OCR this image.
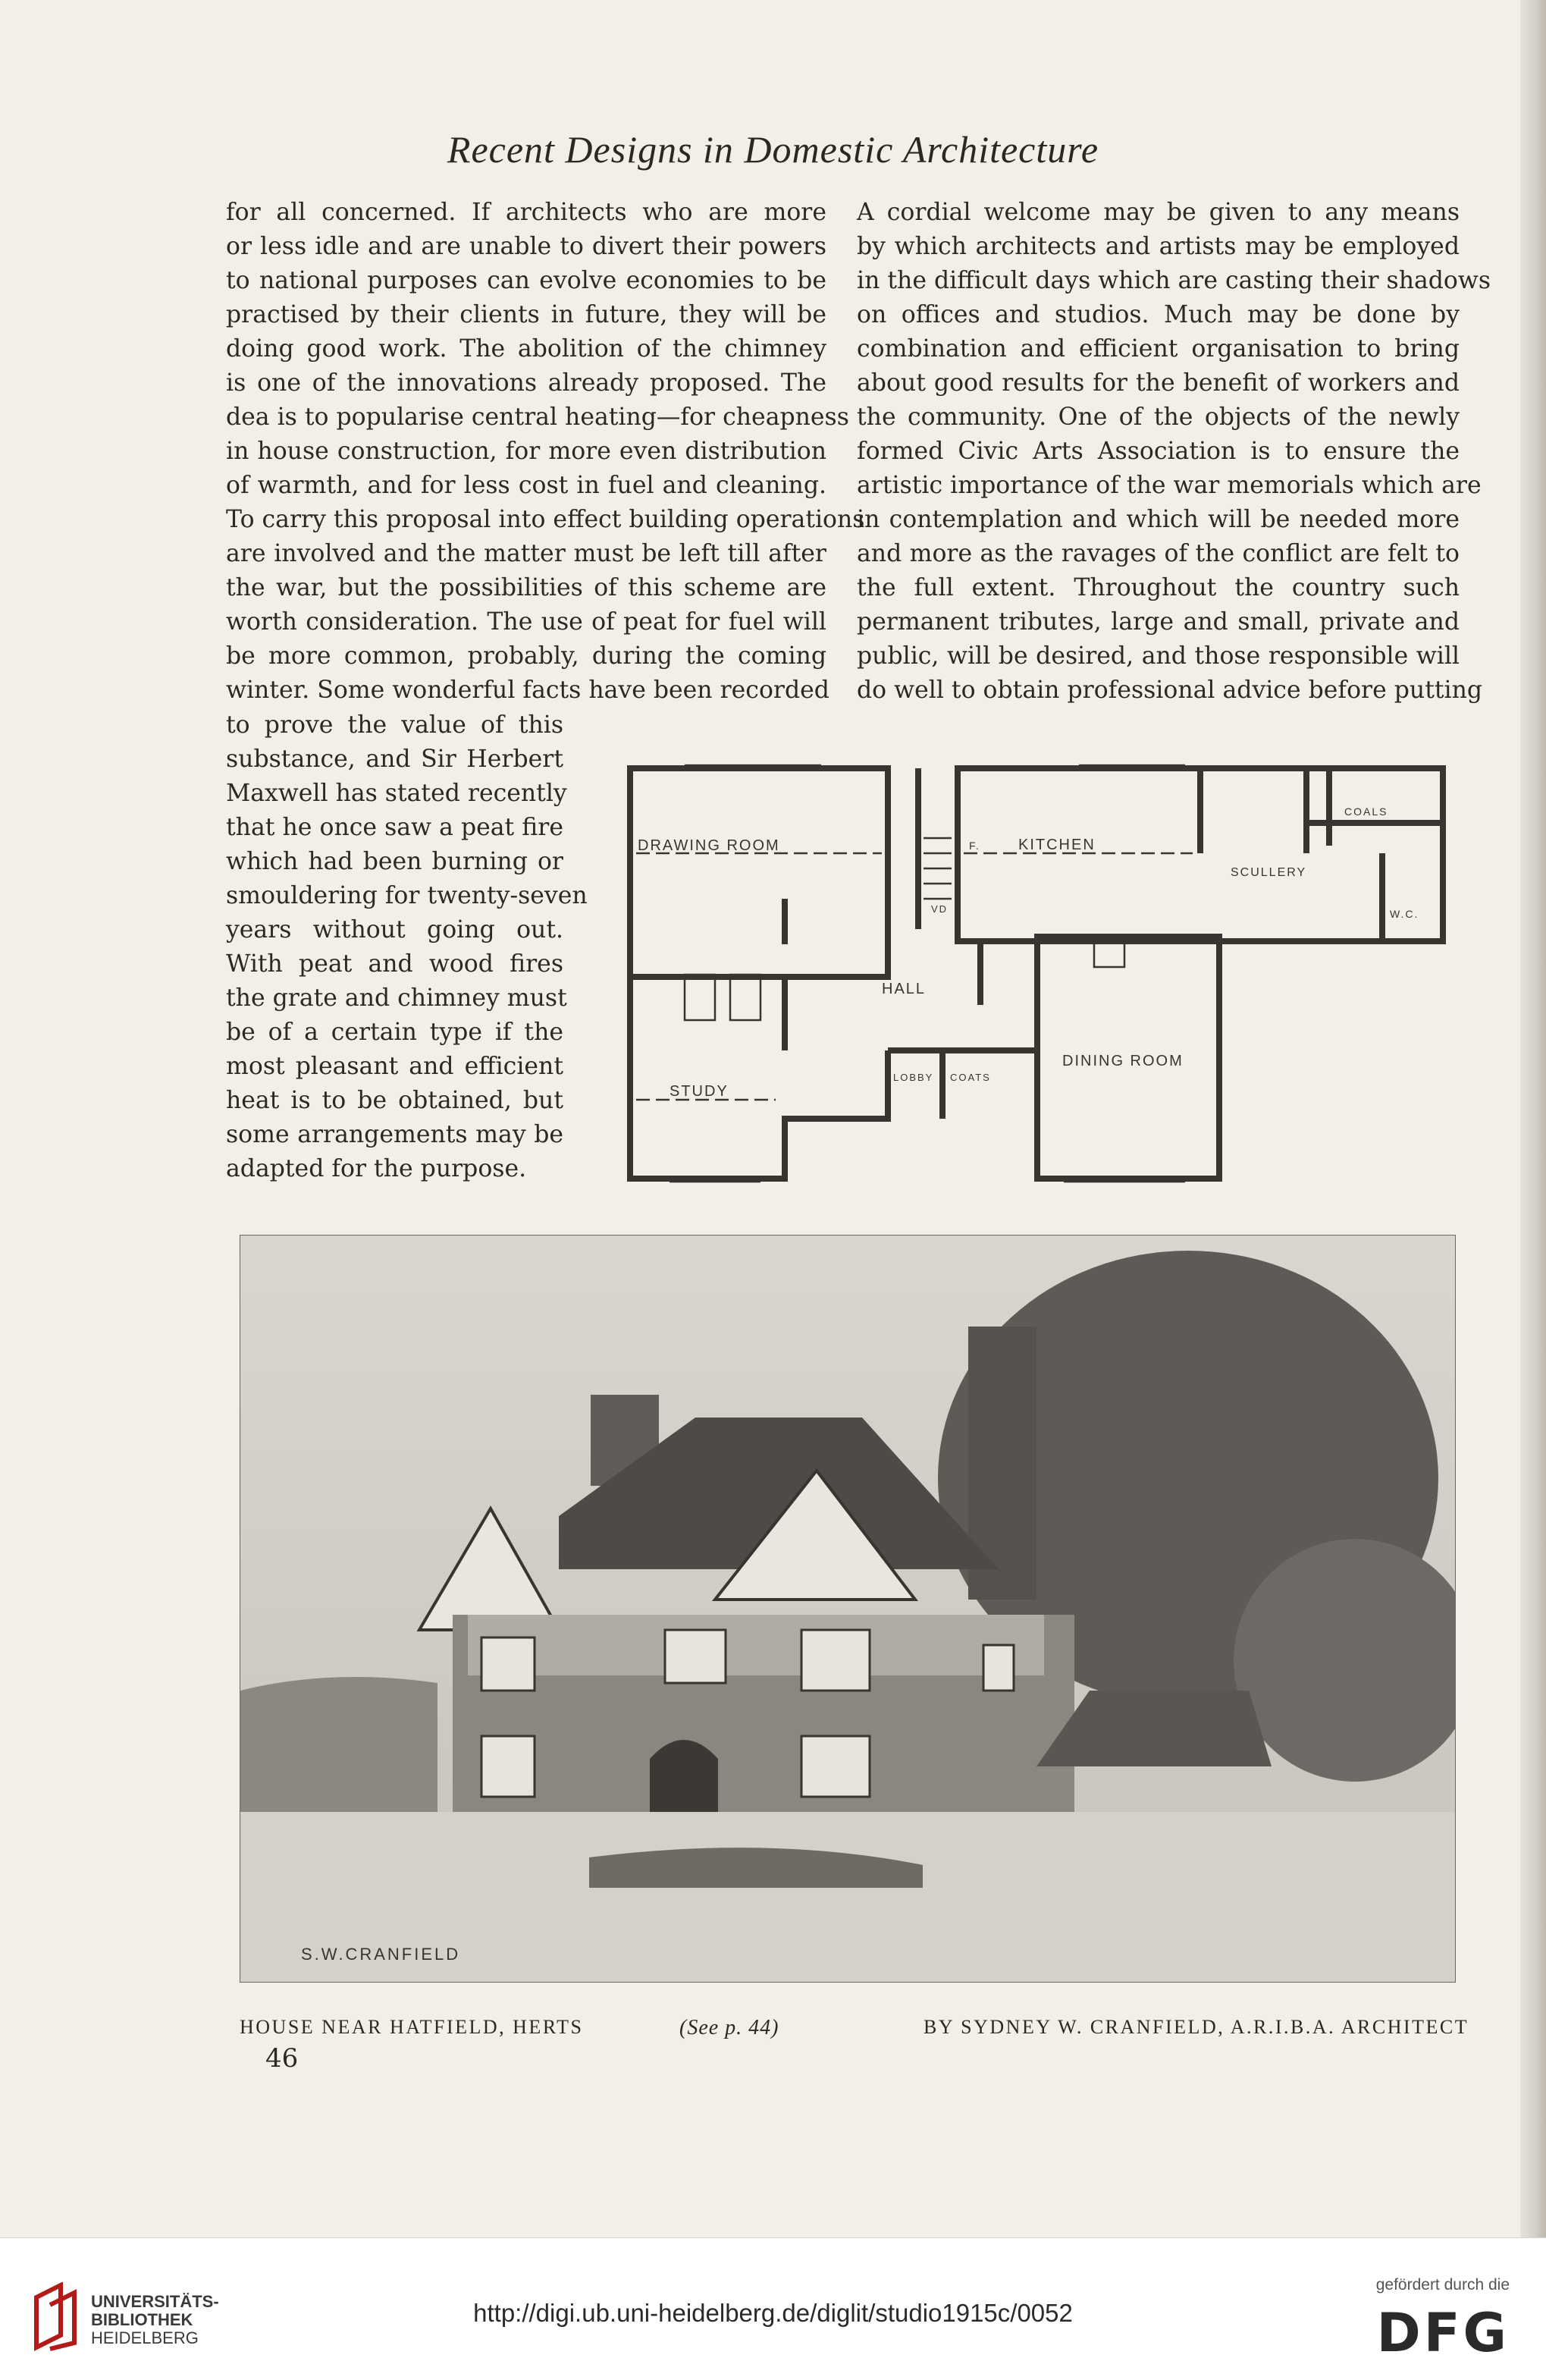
Recent Designs in Domestic Architecture

for all concerned. If architects who are more
or less idle and are unable to divert their powers
to national purposes can evolve economies to be
practised by their clients in future, they will be
doing good work. The abolition of the chimney
is one of the innovations already proposed. The
dea is to popularise central heating—for cheapness
in house construction, for more even distribution
of warmth, and for less cost in fuel and cleaning.
To carry this proposal into effect building operations
are involved and the matter must be left till after
the war, but the possibilities of this scheme are
worth consideration. The use of peat for fuel will
be more common, probably, during the coming
winter. Some wonderful facts have been recorded

A cordial welcome may be given to any means
by which architects and artists may be employed
in the difficult days which are casting their shadows
on offices and studios. Much may be done by
combination and efficient organisation to bring
about good results for the benefit of workers and
the community. One of the objects of the newly
formed Civic Arts Association is to ensure the
artistic importance of the war memorials which are
in contemplation and which will be needed more
and more as the ravages of the conflict are felt to
the full extent. Throughout the country such
permanent tributes, large and small, private and
public, will be desired, and those responsible will
do well to obtain professional advice before putting

to prove the value of this
substance, and Sir Herbert
Maxwell has stated recently
that he once saw a peat fire
which had been burning or
smouldering for twenty-seven
years without going out.
With peat and wood fires
the grate and chimney must
be of a certain type if the
most pleasant and efficient
heat is to be obtained, but
some arrangements may be
adapted for the purpose.

DRAWING ROOM	KITCHEN
SCULLERY
COALS
W.C.
F.
VD
HALL
STUDY
DINING ROOM
LOBBY COATS
S.W.CRANFIELD
HOUSE NEAR HATFIELD, HERTS	(See p. 44)	BY SYDNEY W. CRANFIELD, A.R.I.B.A. ARCHITECT
46
UNIVERSITÄTS-
BIBLIOTHEK
HEIDELBERG
http://digi.ub.uni-heidelberg.de/diglit/studio1915c/0052
gefördert durch die
DFG
